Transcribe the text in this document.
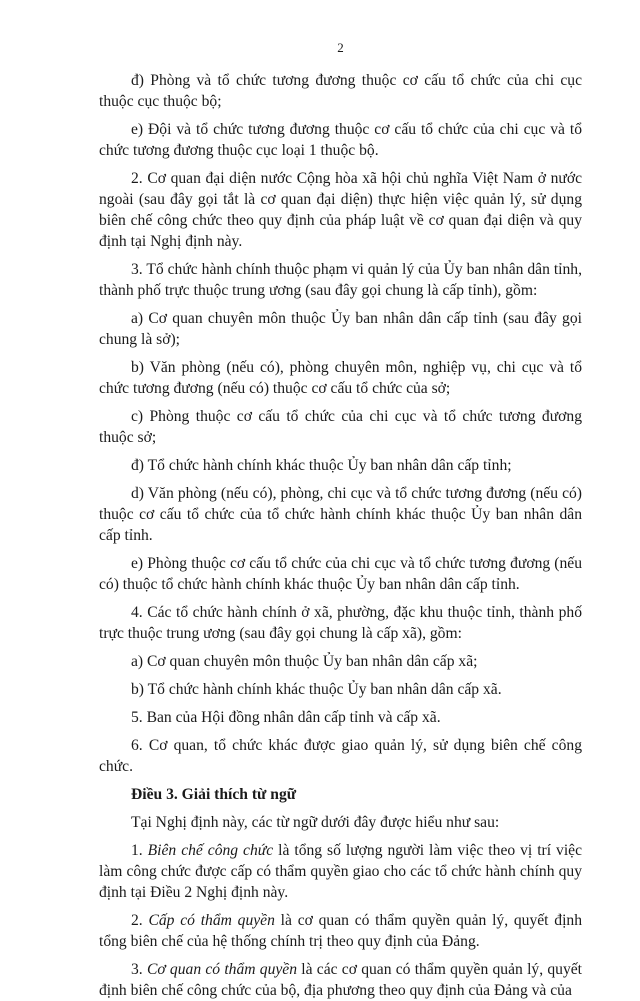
2

đ) Phòng và tổ chức tương đương thuộc cơ cấu tổ chức của chi cục thuộc cục thuộc bộ;

e) Đội và tổ chức tương đương thuộc cơ cấu tổ chức của chi cục và tổ chức tương đương thuộc cục loại 1 thuộc bộ.

2. Cơ quan đại diện nước Cộng hòa xã hội chủ nghĩa Việt Nam ở nước ngoài (sau đây gọi tắt là cơ quan đại diện) thực hiện việc quản lý, sử dụng biên chế công chức theo quy định của pháp luật về cơ quan đại diện và quy định tại Nghị định này.

3. Tổ chức hành chính thuộc phạm vi quản lý của Ủy ban nhân dân tỉnh, thành phố trực thuộc trung ương (sau đây gọi chung là cấp tỉnh), gồm:

a) Cơ quan chuyên môn thuộc Ủy ban nhân dân cấp tỉnh (sau đây gọi chung là sở);

b) Văn phòng (nếu có), phòng chuyên môn, nghiệp vụ, chi cục và tổ chức tương đương (nếu có) thuộc cơ cấu tổ chức của sở;

c) Phòng thuộc cơ cấu tổ chức của chi cục và tổ chức tương đương thuộc sở;

đ) Tổ chức hành chính khác thuộc Ủy ban nhân dân cấp tỉnh;

d) Văn phòng (nếu có), phòng, chi cục và tổ chức tương đương (nếu có) thuộc cơ cấu tổ chức của tổ chức hành chính khác thuộc Ủy ban nhân dân cấp tỉnh.

e) Phòng thuộc cơ cấu tổ chức của chi cục và tổ chức tương đương (nếu có) thuộc tổ chức hành chính khác thuộc Ủy ban nhân dân cấp tỉnh.

4. Các tổ chức hành chính ở xã, phường, đặc khu thuộc tỉnh, thành phố trực thuộc trung ương (sau đây gọi chung là cấp xã), gồm:

a) Cơ quan chuyên môn thuộc Ủy ban nhân dân cấp xã;

b) Tổ chức hành chính khác thuộc Ủy ban nhân dân cấp xã.

5. Ban của Hội đồng nhân dân cấp tỉnh và cấp xã.

6. Cơ quan, tổ chức khác được giao quản lý, sử dụng biên chế công chức.

Điều 3. Giải thích từ ngữ

Tại Nghị định này, các từ ngữ dưới đây được hiểu như sau:

1. Biên chế công chức là tổng số lượng người làm việc theo vị trí việc làm công chức được cấp có thẩm quyền giao cho các tổ chức hành chính quy định tại Điều 2 Nghị định này.

2. Cấp có thẩm quyền là cơ quan có thẩm quyền quản lý, quyết định tổng biên chế của hệ thống chính trị theo quy định của Đảng.

3. Cơ quan có thẩm quyền là các cơ quan có thẩm quyền quản lý, quyết định biên chế công chức của bộ, địa phương theo quy định của Đảng và của
